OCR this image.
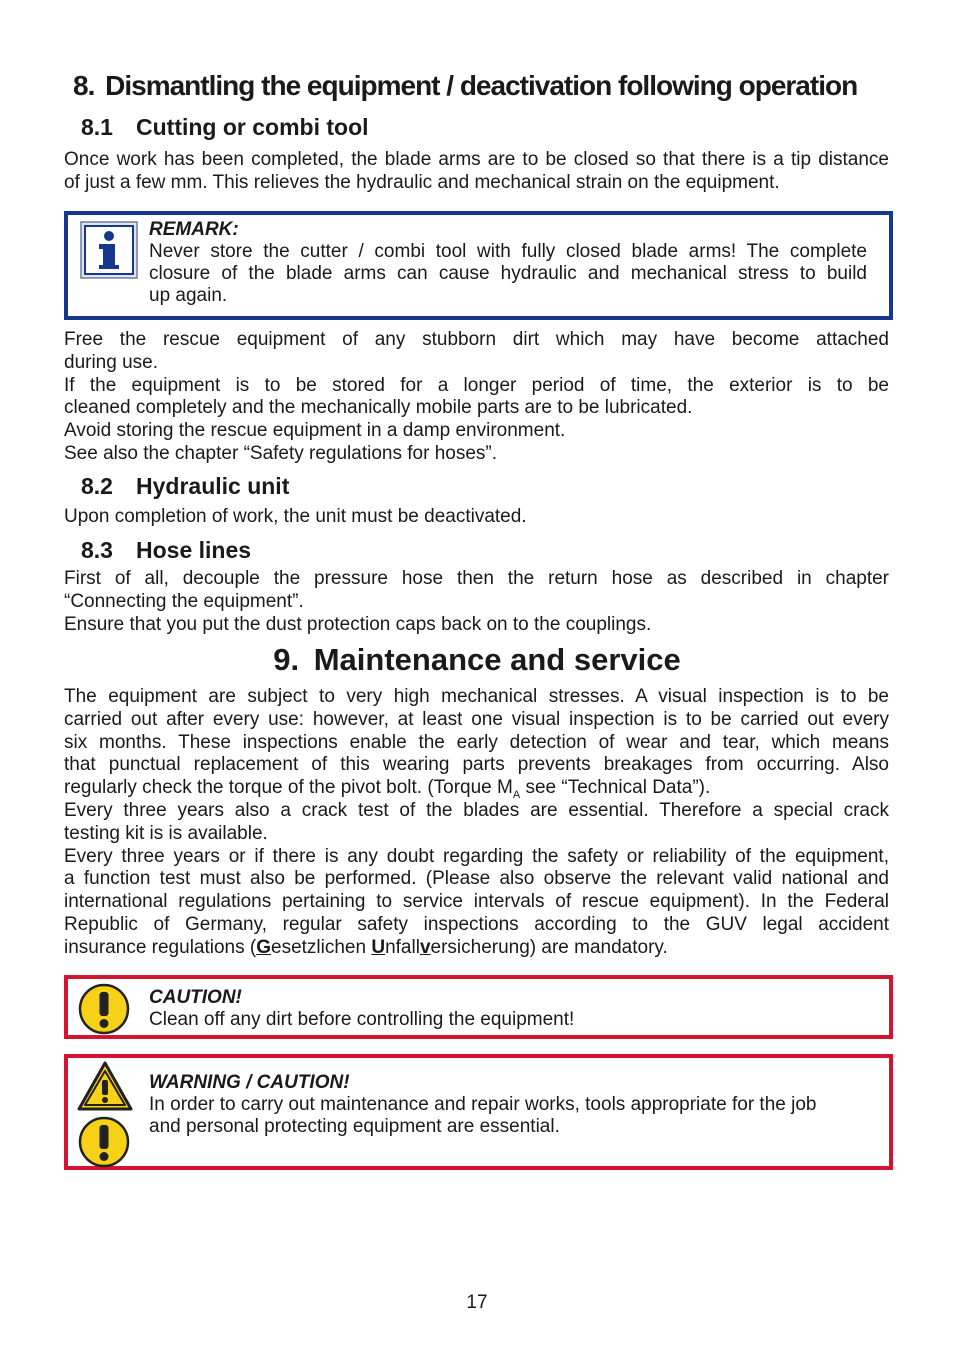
8. Dismantling the equipment / deactivation following operation
8.1 Cutting or combi tool
Once work has been completed, the blade arms are to be closed so that there is a tip distance
of just a few mm. This relieves the hydraulic and mechanical strain on the equipment.
REMARK:
Never store the cutter / combi tool with fully closed blade arms! The complete
closure of the blade arms can cause hydraulic and mechanical stress to build
up again.
Free the rescue equipment of any stubborn dirt which may have become attached
during use.
If the equipment is to be stored for a longer period of time, the exterior is to be
cleaned completely and the mechanically mobile parts are to be lubricated.
Avoid storing the rescue equipment in a damp environment.
See also the chapter “Safety regulations for hoses”.
8.2 Hydraulic unit
Upon completion of work, the unit must be deactivated.
8.3 Hose lines
First of all, decouple the pressure hose then the return hose as described in chapter
“Connecting the equipment”.
Ensure that you put the dust protection caps back on to the couplings.
9. Maintenance and service
The equipment are subject to very high mechanical stresses. A visual inspection is to be
carried out after every use: however, at least one visual inspection is to be carried out every
six months. These inspections enable the early detection of wear and tear, which means
that punctual replacement of this wearing parts prevents breakages from occurring. Also
regularly check the torque of the pivot bolt. (Torque $M_A$ see “Technical Data”).
Every three years also a crack test of the blades are essential. Therefore a special crack
testing kit is is available.
Every three years or if there is any doubt regarding the safety or reliability of the equipment,
a function test must also be performed. (Please also observe the relevant valid national and
international regulations pertaining to service intervals of rescue equipment). In the Federal
Republic of Germany, regular safety inspections according to the GUV legal accident
insurance regulations (Gesetzlichen Unfallversicherung) are mandatory.
CAUTION!
Clean off any dirt before controlling the equipment!
WARNING / CAUTION!
In order to carry out maintenance and repair works, tools appropriate for the job
and personal protecting equipment are essential.
17
